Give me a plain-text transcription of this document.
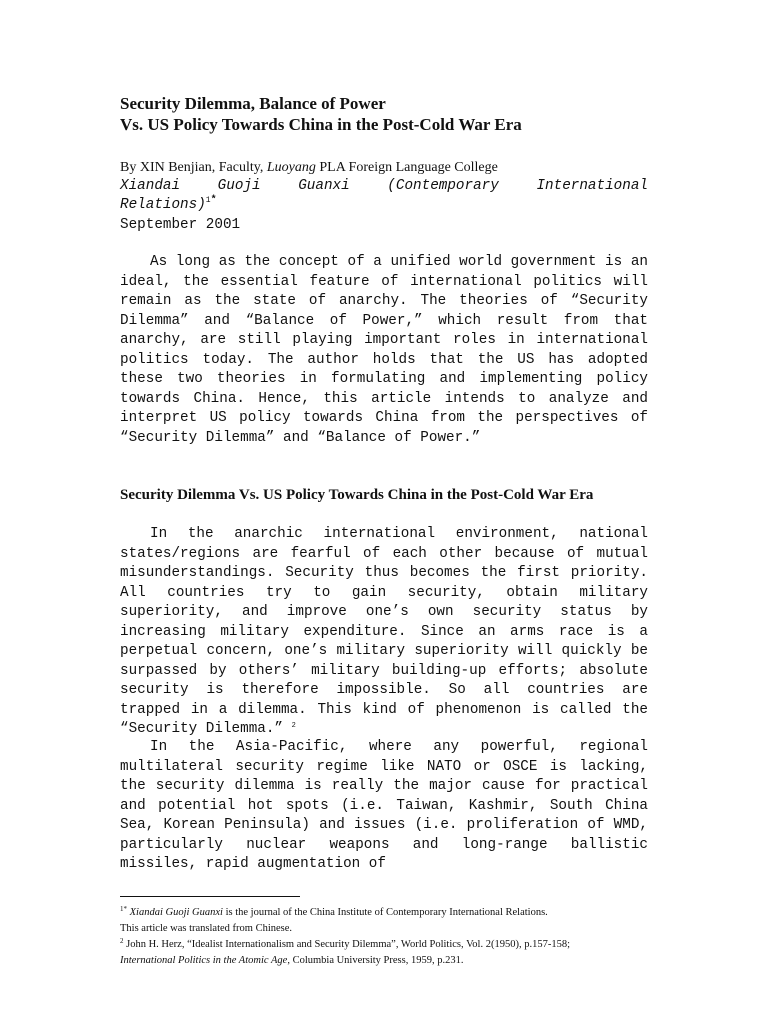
Security Dilemma, Balance of Power
Vs. US Policy Towards China in the Post-Cold War Era
By XIN Benjian, Faculty, Luoyang PLA Foreign Language College
Xiandai Guoji Guanxi (Contemporary International
Relations)$^{1*}$
September 2001
As long as the concept of a unified world government is an ideal, the essential feature of international politics will remain as the state of anarchy. The theories of “Security Dilemma” and “Balance of Power,” which result from that anarchy, are still playing important roles in international politics today. The author holds that the US has adopted these two theories in formulating and implementing policy towards China. Hence, this article intends to analyze and interpret US policy towards China from the perspectives of “Security Dilemma” and “Balance of Power.”
Security Dilemma Vs. US Policy Towards China in the Post-Cold War Era
In the anarchic international environment, national states/regions are fearful of each other because of mutual misunderstandings. Security thus becomes the first priority. All countries try to gain security, obtain military superiority, and improve one’s own security status by increasing military expenditure. Since an arms race is a perpetual concern, one’s military superiority will quickly be surpassed by others’ military building-up efforts; absolute security is therefore impossible. So all countries are trapped in a dilemma. This kind of phenomenon is called the “Security Dilemma.” $^2$
In the Asia-Pacific, where any powerful, regional multilateral security regime like NATO or OSCE is lacking, the security dilemma is really the major cause for practical and potential hot spots (i.e. Taiwan, Kashmir, South China Sea, Korean Peninsula) and issues (i.e. proliferation of WMD, particularly nuclear weapons and long-range ballistic missiles, rapid augmentation of
$^{1*}$ Xiandai Guoji Guanxi is the journal of the China Institute of Contemporary International Relations.
This article was translated from Chinese.
$^2$ John H. Herz, “Idealist Internationalism and Security Dilemma”, World Politics, Vol. 2(1950), p.157-158;
International Politics in the Atomic Age, Columbia University Press, 1959, p.231.
